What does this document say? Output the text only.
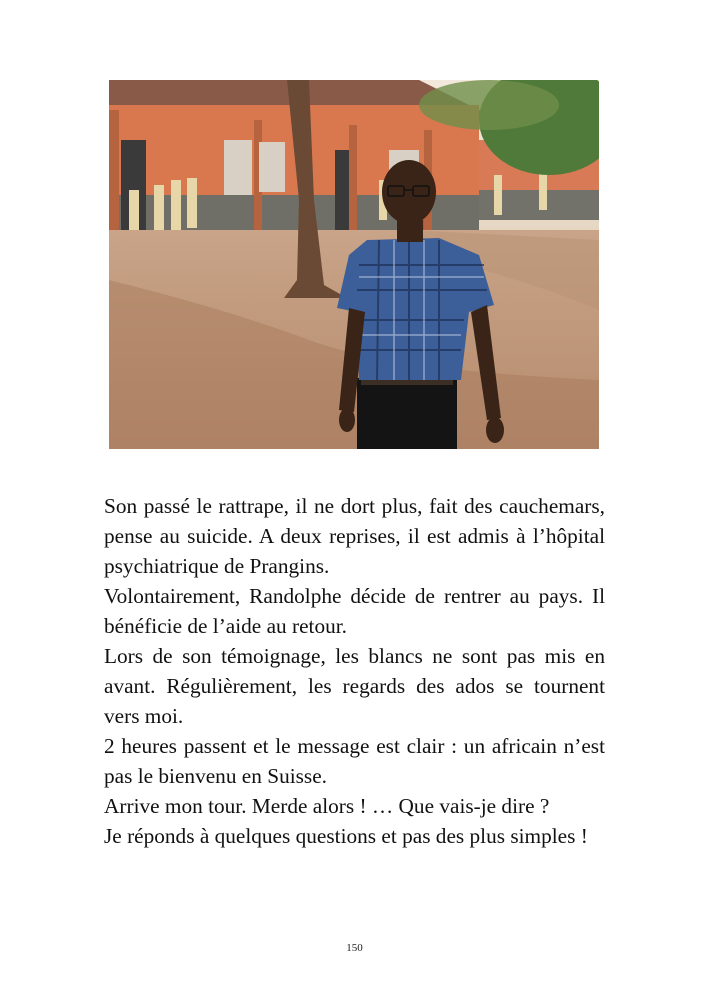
Son passé le rattrape, il ne dort plus, fait des cauchemars, pense au suicide. A deux reprises, il est admis à l’hôpital psychiatrique de Prangins.

Volontairement, Randolphe décide de rentrer au pays. Il bénéficie de l’aide au retour.

Lors de son témoignage, les blancs ne sont pas mis en avant. Régulièrement, les regards des ados se tournent vers moi.

2 heures passent et le message est clair : un africain n’est pas le bienvenu en Suisse.

Arrive mon tour. Merde alors ! … Que vais-je dire ?

Je réponds à quelques questions et pas des plus simples !

150
